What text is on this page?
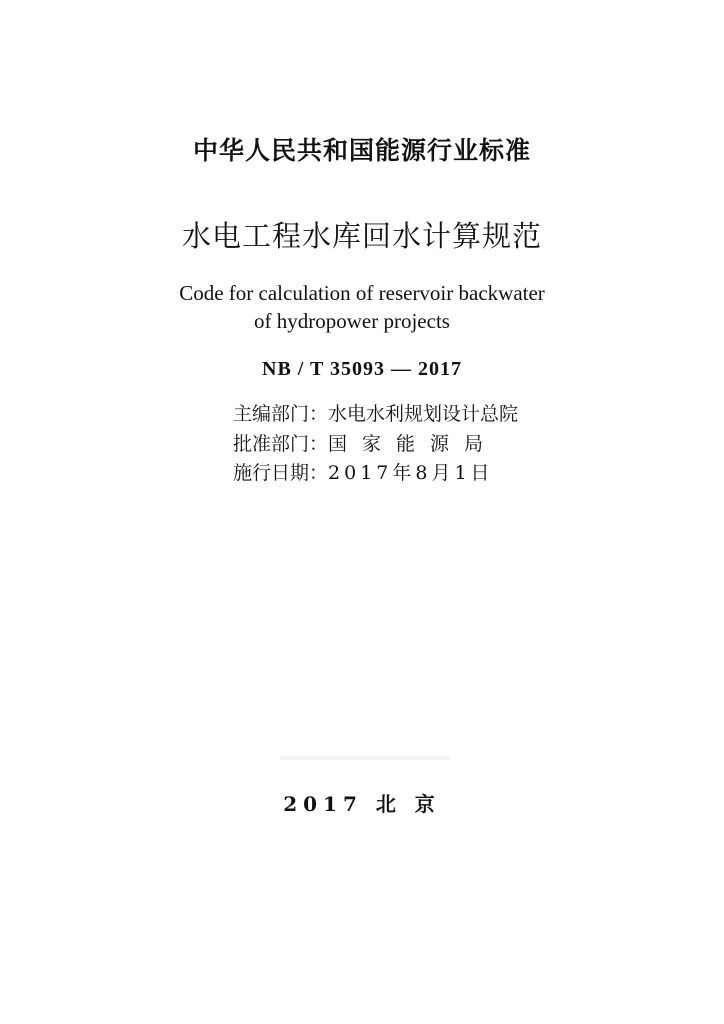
中华人民共和国能源行业标准
水电工程水库回水计算规范
Code for calculation of reservoir backwater
of hydropower projects
NB / T 35093 — 2017
主编部门：水电水利规划设计总院
批准部门：国家能源局
施行日期：2017年8月1日
2017 北 京
